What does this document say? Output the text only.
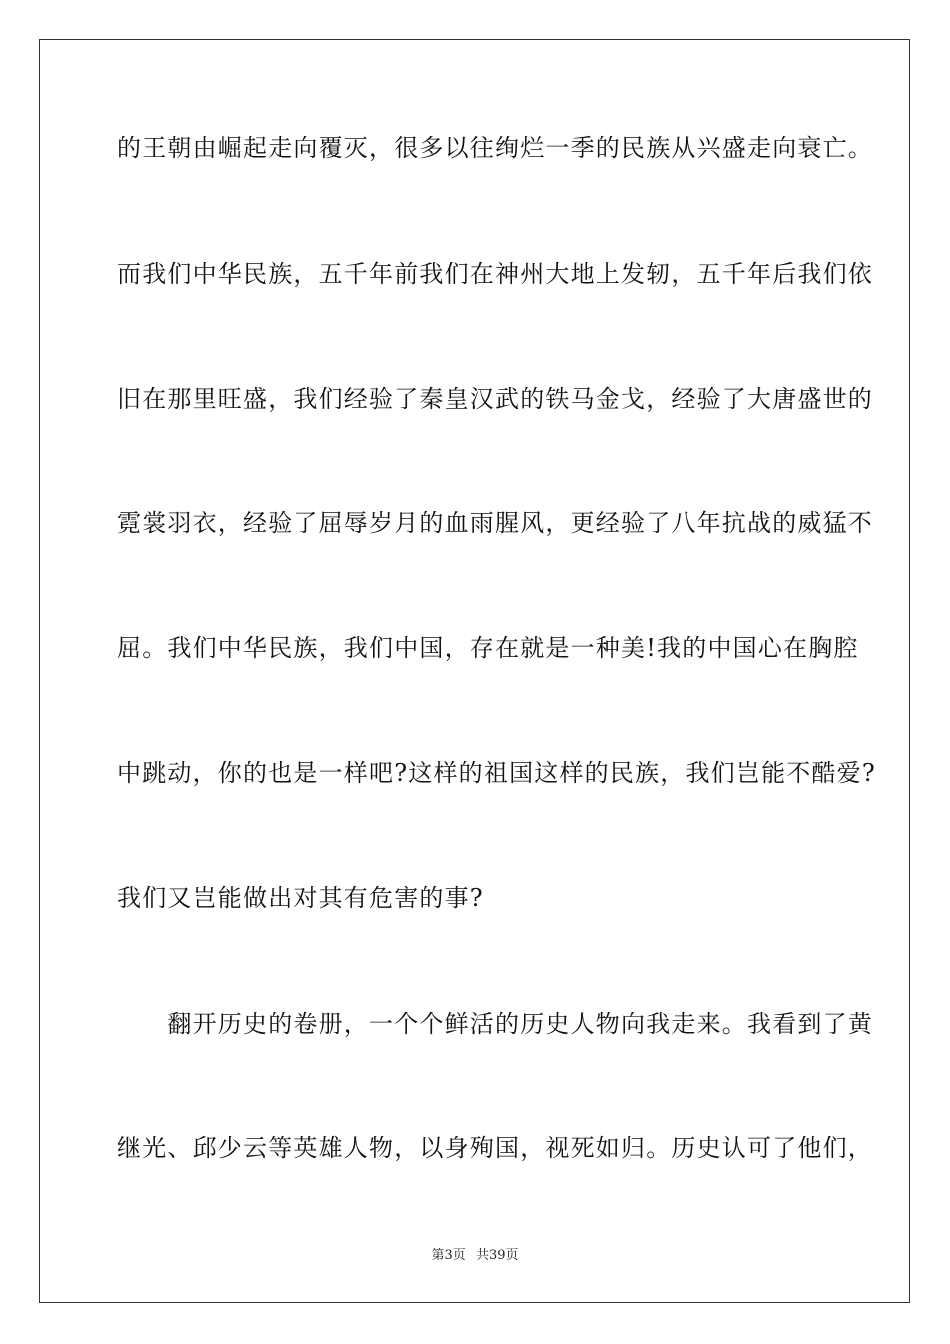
的王朝由崛起走向覆灭，很多以往绚烂一季的民族从兴盛走向衰亡。
而我们中华民族，五千年前我们在神州大地上发轫，五千年后我们依
旧在那里旺盛，我们经验了秦皇汉武的铁马金戈，经验了大唐盛世的
霓裳羽衣，经验了屈辱岁月的血雨腥风，更经验了八年抗战的威猛不
屈。我们中华民族，我们中国，存在就是一种美!我的中国心在胸腔
中跳动，你的也是一样吧?这样的祖国这样的民族，我们岂能不酷爱?
我们又岂能做出对其有危害的事?
　　翻开历史的卷册，一个个鲜活的历史人物向我走来。我看到了黄
继光、邱少云等英雄人物，以身殉国，视死如归。历史认可了他们，
第3页 共39页
